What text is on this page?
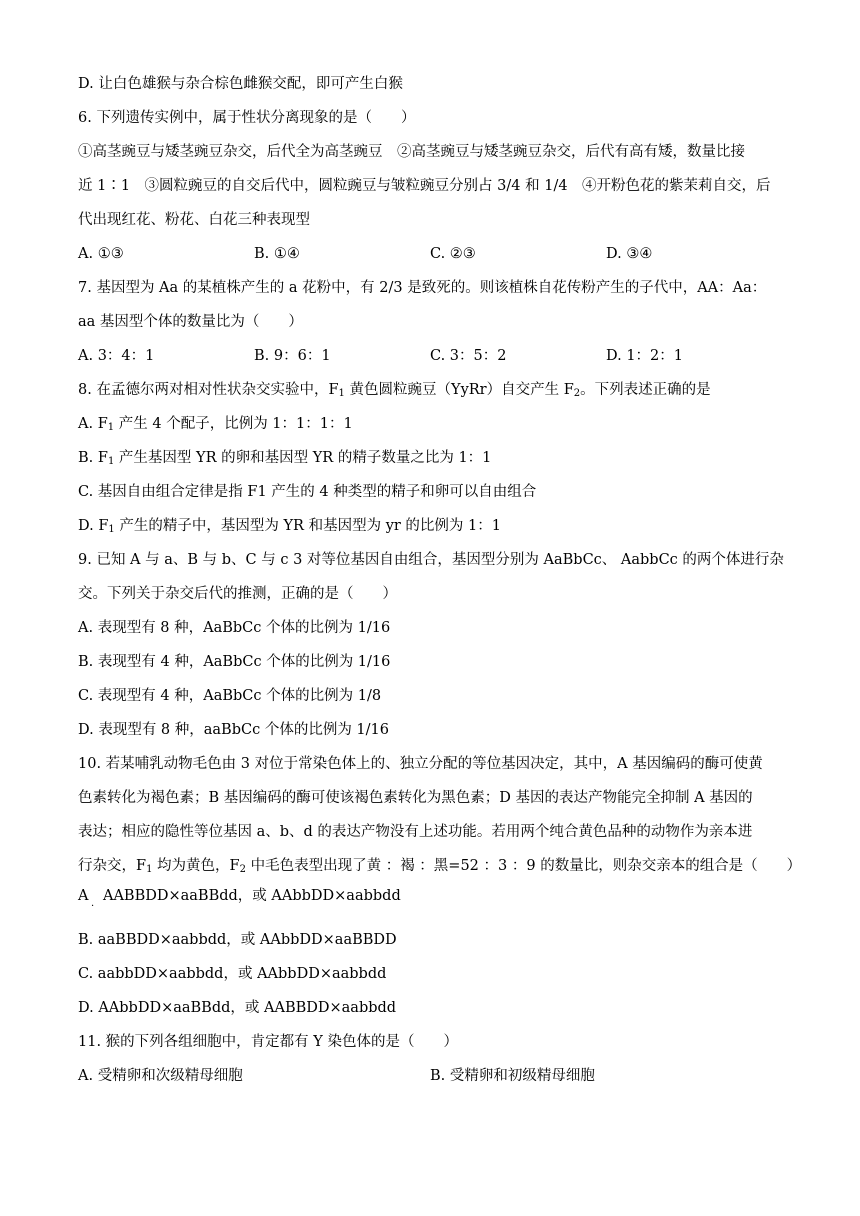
D. 让白色雄猴与杂合棕色雌猴交配，即可产生白猴
6. 下列遗传实例中，属于性状分离现象的是（　　）
①高茎豌豆与矮茎豌豆杂交，后代全为高茎豌豆　②高茎豌豆与矮茎豌豆杂交，后代有高有矮，数量比接
近 1∶1　③圆粒豌豆的自交后代中，圆粒豌豆与皱粒豌豆分别占 3/4 和 1/4　④开粉色花的紫茉莉自交，后
代出现红花、粉花、白花三种表现型
A. ①③	B. ①④	C. ②③	D. ③④
7. 基因型为 Aa 的某植株产生的 a 花粉中，有 2/3 是致死的。则该植株自花传粉产生的子代中，AA：Aa：
aa 基因型个体的数量比为（　　）
A. 3：4：1	B. 9：6：1	C. 3：5：2	D. 1：2：1
8. 在孟德尔两对相对性状杂交实验中，$F_1$ 黄色圆粒豌豆（YyRr）自交产生 $F_2$。下列表述正确的是
A. $F_1$ 产生 4 个配子，比例为 1：1：1：1
B. $F_1$ 产生基因型 YR 的卵和基因型 YR 的精子数量之比为 1：1
C. 基因自由组合定律是指 F1 产生的 4 种类型的精子和卵可以自由组合
D. $F_1$ 产生的精子中，基因型为 YR 和基因型为 yr 的比例为 1：1
9. 已知 A 与 a、B 与 b、C 与 c 3 对等位基因自由组合，基因型分别为 AaBbCc、 AabbCc 的两个体进行杂
交。下列关于杂交后代的推测，正确的是（　　）
A. 表现型有 8 种，AaBbCc 个体的比例为 1/16
B. 表现型有 4 种，AaBbCc 个体的比例为 1/16
C. 表现型有 4 种，AaBbCc 个体的比例为 1/8
D. 表现型有 8 种，aaBbCc 个体的比例为 1/16
10. 若某哺乳动物毛色由 3 对位于常染色体上的、独立分配的等位基因决定，其中，A 基因编码的酶可使黄
色素转化为褐色素；B 基因编码的酶可使该褐色素转化为黑色素；D 基因的表达产物能完全抑制 A 基因的
表达；相应的隐性等位基因 a、b、d 的表达产物没有上述功能。若用两个纯合黄色品种的动物作为亲本进
行杂交，$F_1$ 均为黄色，$F_2$ 中毛色表型出现了黄 ：褐 ：黑=52 ：3 ：9 的数量比，则杂交亲本的组合是（　　）
A　AABBDD×aaBBdd，或 AAbbDD×aabbdd
·
B. aaBBDD×aabbdd，或 AAbbDD×aaBBDD
C. aabbDD×aabbdd，或 AAbbDD×aabbdd
D. AAbbDD×aaBBdd，或 AABBDD×aabbdd
11. 猴的下列各组细胞中，肯定都有 Y 染色体的是（　　）
A. 受精卵和次级精母细胞	B. 受精卵和初级精母细胞
